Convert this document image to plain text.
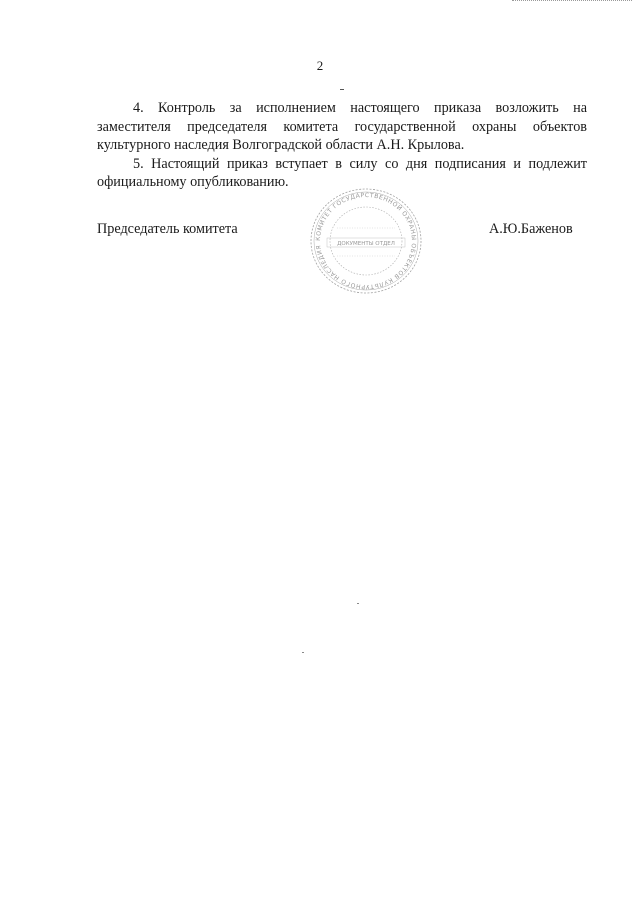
2

4. Контроль за исполнением настоящего приказа возложить на заместителя председателя комитета государственной охраны объектов культурного наследия Волгоградской области А.Н. Крылова.

5. Настоящий приказ вступает в силу со дня подписания и подлежит официальному опубликованию.

КОМИТЕТ ГОСУДАРСТВЕННОЙ ОХРАНЫ ОБЪЕКТОВ КУЛЬТУРНОГО НАСЛЕДИЯ
ДОКУМЕНТЫ ОТДЕЛ
Председатель комитета	А.Ю.Баженов
